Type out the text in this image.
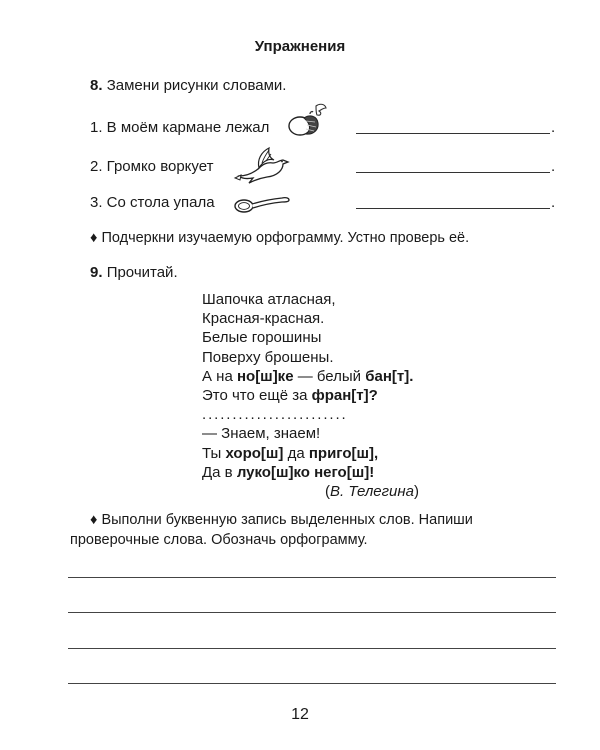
Упражнения
8. Замени рисунки словами.
1. В моём кармане лежал	.
2. Громко воркует	.
3. Со стола упала	.
♦ Подчеркни изучаемую орфограмму. Устно проверь её.
9. Прочитай.
Шапочка атласная,
Красная-красная.
Белые горошины
Поверху брошены.
А на но[ш]ке — белый бан[т].
Это что ещё за фран[т]?
........................
— Знаем, знаем!
Ты хоро[ш] да приго[ш],
Да в луко[ш]ко него[ш]!
(В. Телегина)
♦ Выполни буквенную запись выделенных слов. Напиши проверочные слова. Обозначь орфограмму.
12
